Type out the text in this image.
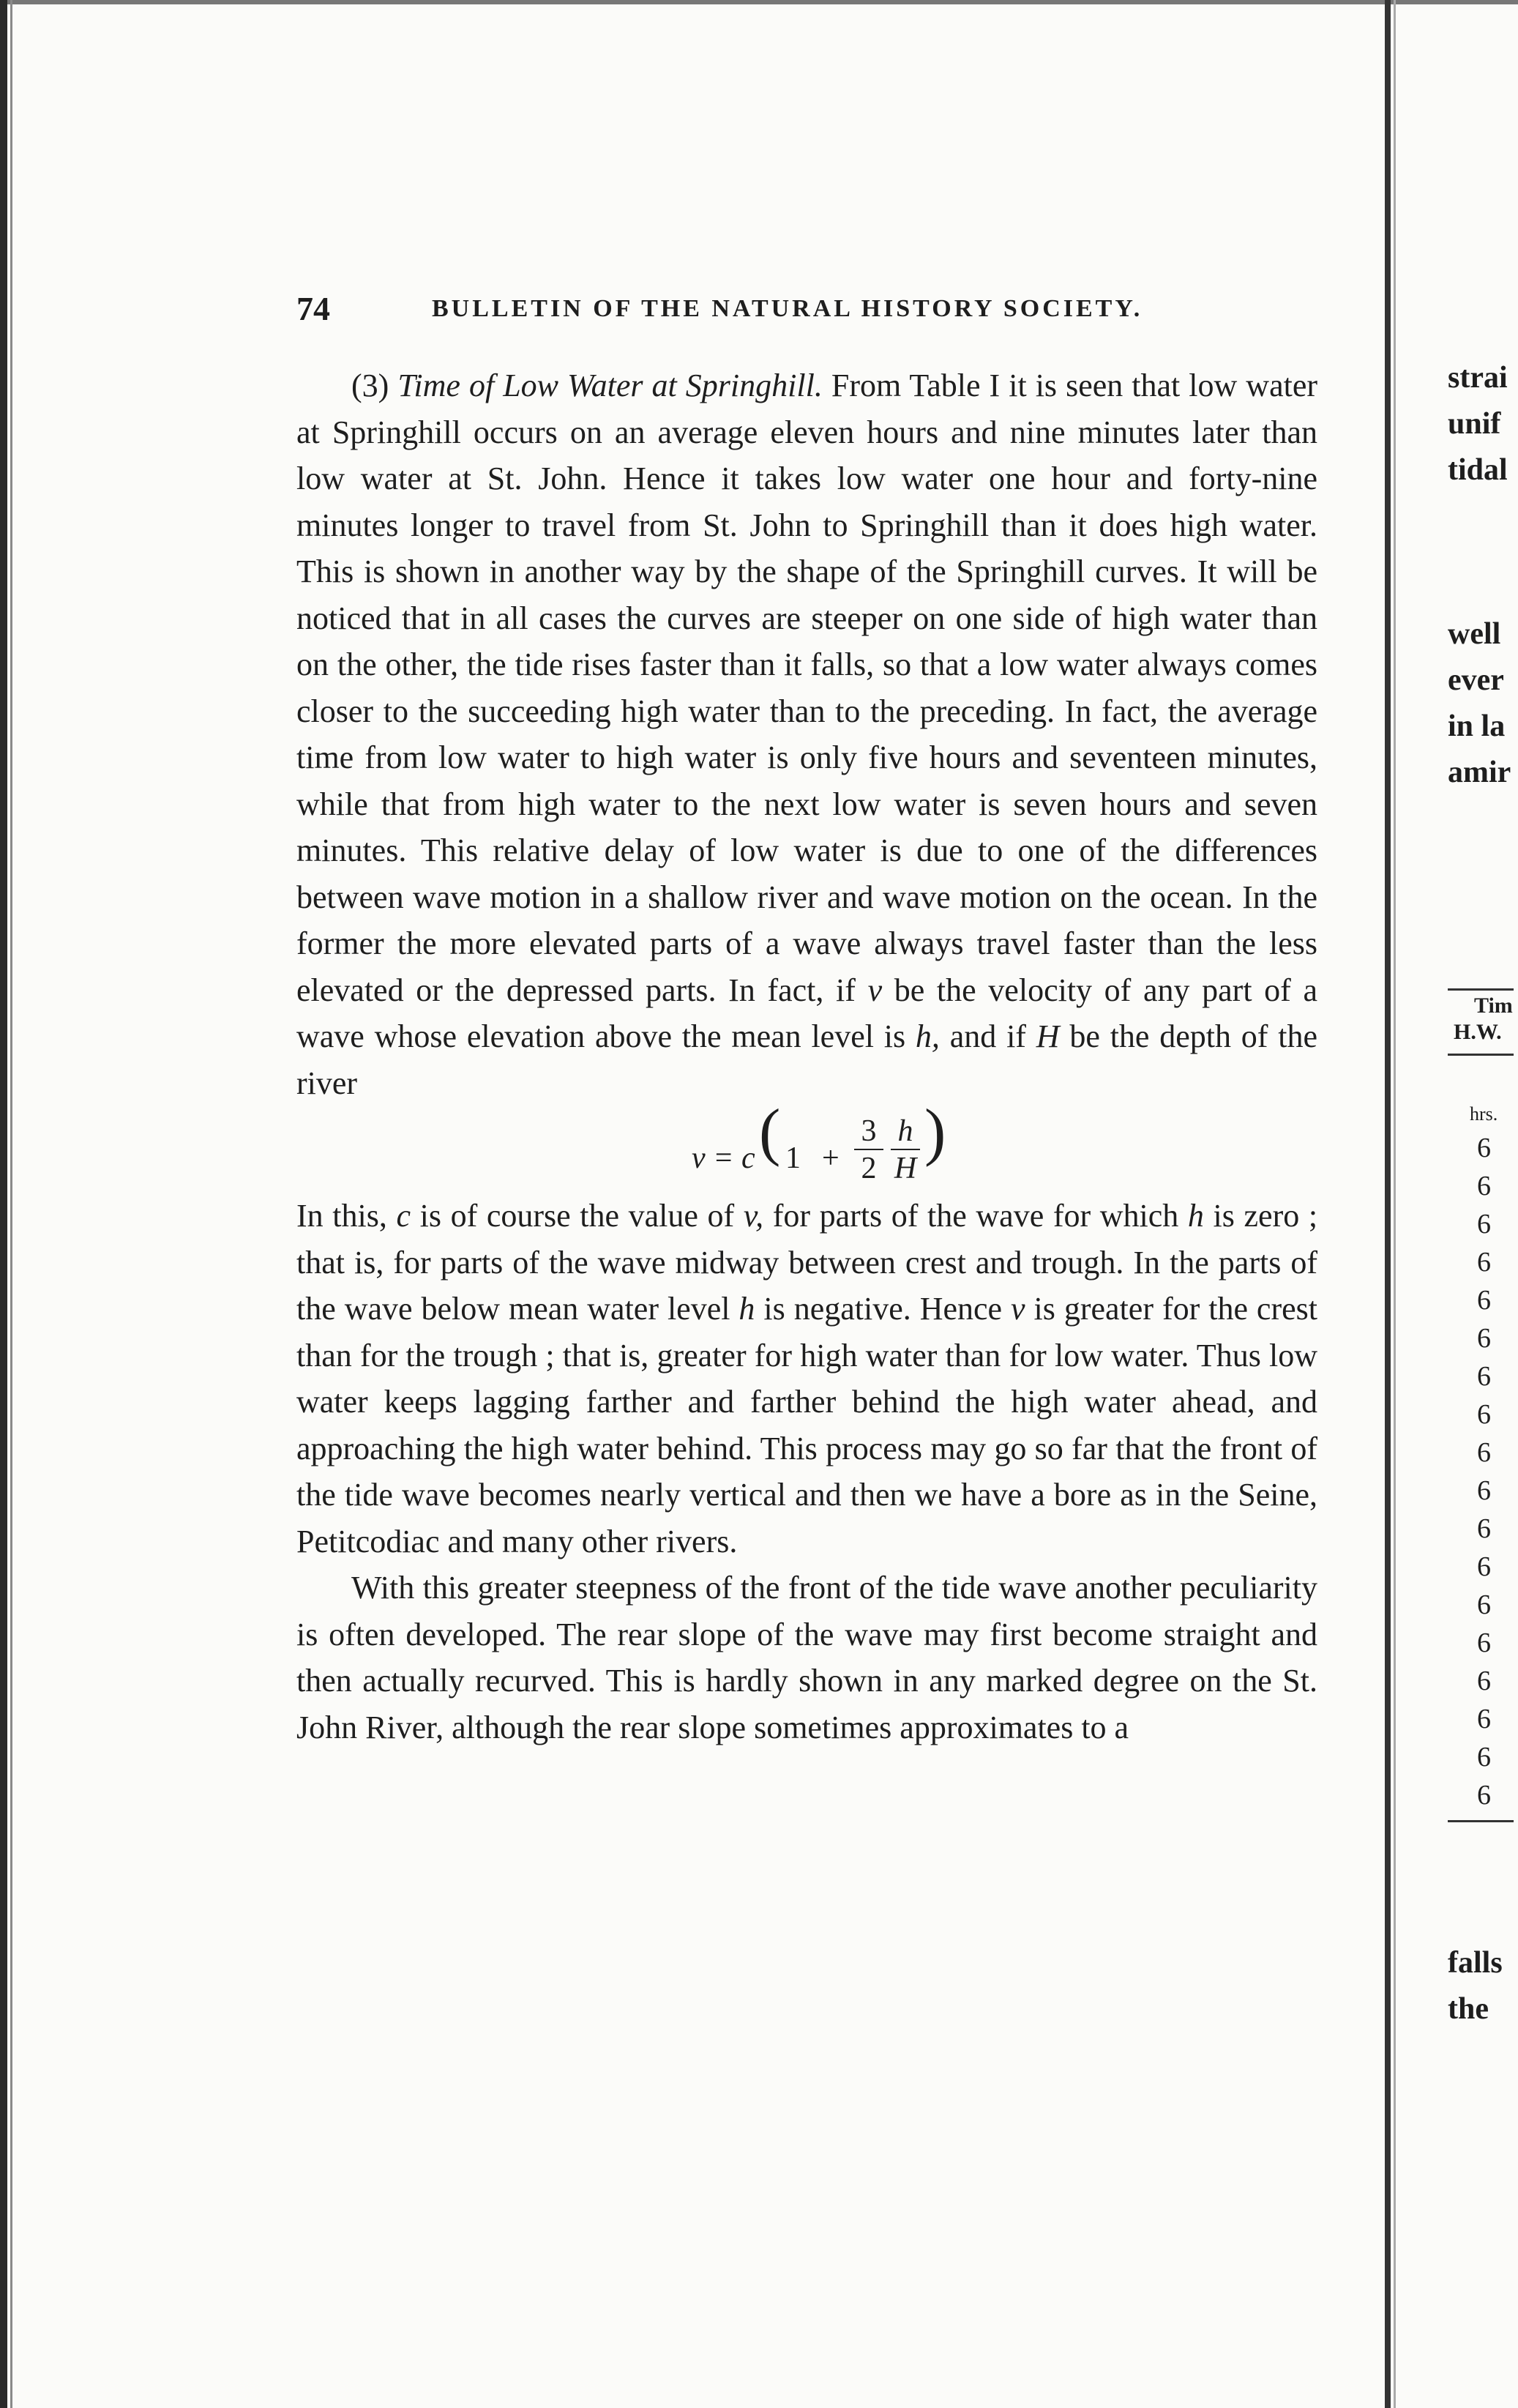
74	BULLETIN OF THE NATURAL HISTORY SOCIETY.

(3) Time of Low Water at Springhill. From Table I it is seen that low water at Springhill occurs on an average eleven hours and nine minutes later than low water at St. John. Hence it takes low water one hour and forty-nine minutes longer to travel from St. John to Springhill than it does high water. This is shown in another way by the shape of the Springhill curves. It will be noticed that in all cases the curves are steeper on one side of high water than on the other, the tide rises faster than it falls, so that a low water always comes closer to the succeeding high water than to the preceding. In fact, the average time from low water to high water is only five hours and seventeen minutes, while that from high water to the next low water is seven hours and seven minutes. This relative delay of low water is due to one of the differences between wave motion in a shallow river and wave motion on the ocean. In the former the more elevated parts of a wave always travel faster than the less elevated or the depressed parts. In fact, if v be the velocity of any part of a wave whose elevation above the mean level is h, and if H be the depth of the river

v = c ( 1 +
3
2
h
H
)

In this, c is of course the value of v, for parts of the wave for which h is zero ; that is, for parts of the wave midway between crest and trough. In the parts of the wave below mean water level h is negative. Hence v is greater for the crest than for the trough ; that is, greater for high water than for low water. Thus low water keeps lagging farther and farther behind the high water ahead, and approaching the high water behind. This process may go so far that the front of the tide wave becomes nearly vertical and then we have a bore as in the Seine, Petitcodiac and many other rivers.

With this greater steepness of the front of the tide wave another peculiarity is often developed. The rear slope of the wave may first become straight and then actually recurved. This is hardly shown in any marked degree on the St. John River, although the rear slope sometimes approximates to a

strai
unif
tidal
well
ever
in la
amir
Tim
H.W.
hrs.
6
6
6
6
6
6
6
6
6
6
6
6
6
6
6
6
6
6
falls
the
